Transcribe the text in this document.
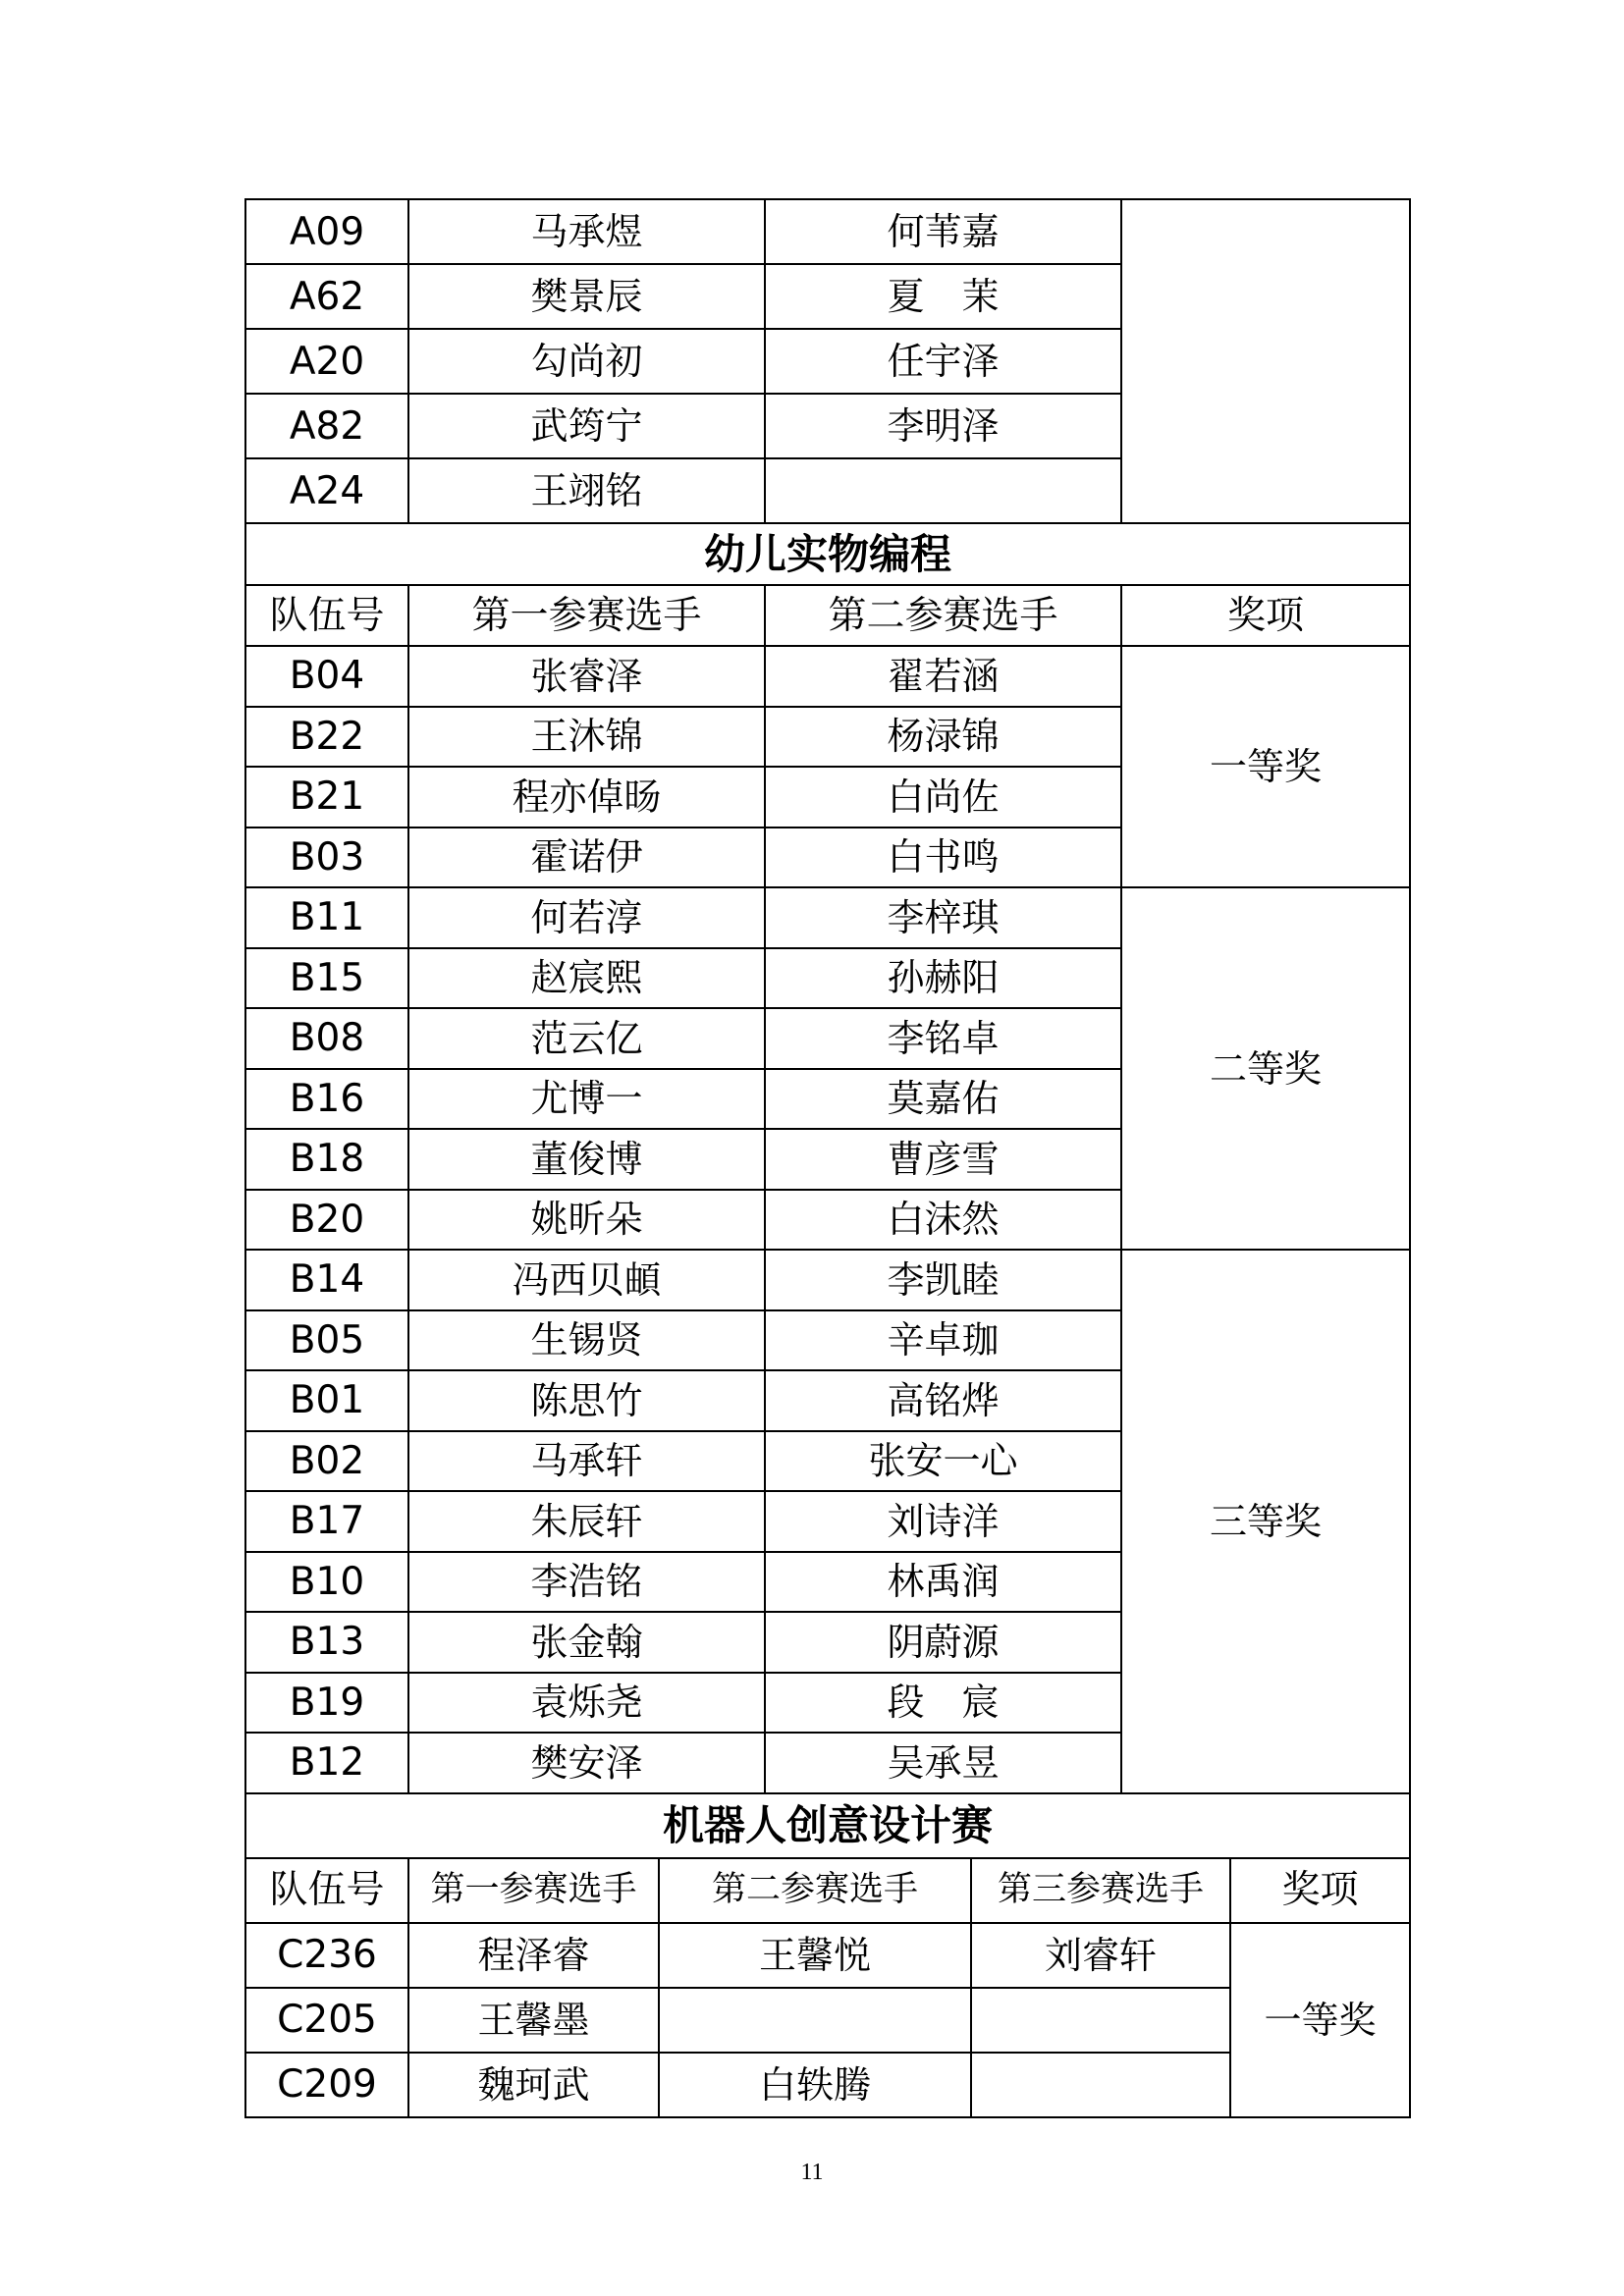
A09	马承煜	何苇嘉	
A62	樊景辰	夏　茉	
A20	勾尚初	任宇泽	
A82	武筠宁	李明泽	
A24	王翊铭		
幼儿实物编程			
队伍号	第一参赛选手	第二参赛选手	奖项
B04	张睿泽	翟若涵	一等奖
B22	王沐锦	杨渌锦	
B21	程亦倬旸	白尚佐	
B03	霍诺伊	白书鸣	
B11	何若淳	李梓琪	二等奖
B15	赵宸熙	孙赫阳	
B08	范云亿	李铭卓	
B16	尤博一	莫嘉佑	
B18	董俊博	曹彦雪	
B20	姚昕朵	白沫然	
B14	冯西贝頔	李凯睦	三等奖
B05	生锡贤	辛卓珈	
B01	陈思竹	高铭烨	
B02	马承轩	张安一心	
B17	朱辰轩	刘诗洋	
B10	李浩铭	林禹润	
B13	张金翰	阴蔚源	
B19	袁烁尧	段　宸	
B12	樊安泽	吴承昱	
机器人创意设计赛				
队伍号	第一参赛选手	第二参赛选手	第三参赛选手	奖项
C236	程泽睿	王馨悦	刘睿轩	一等奖
C205	王馨墨			
C209	魏珂武	白轶腾		
11
